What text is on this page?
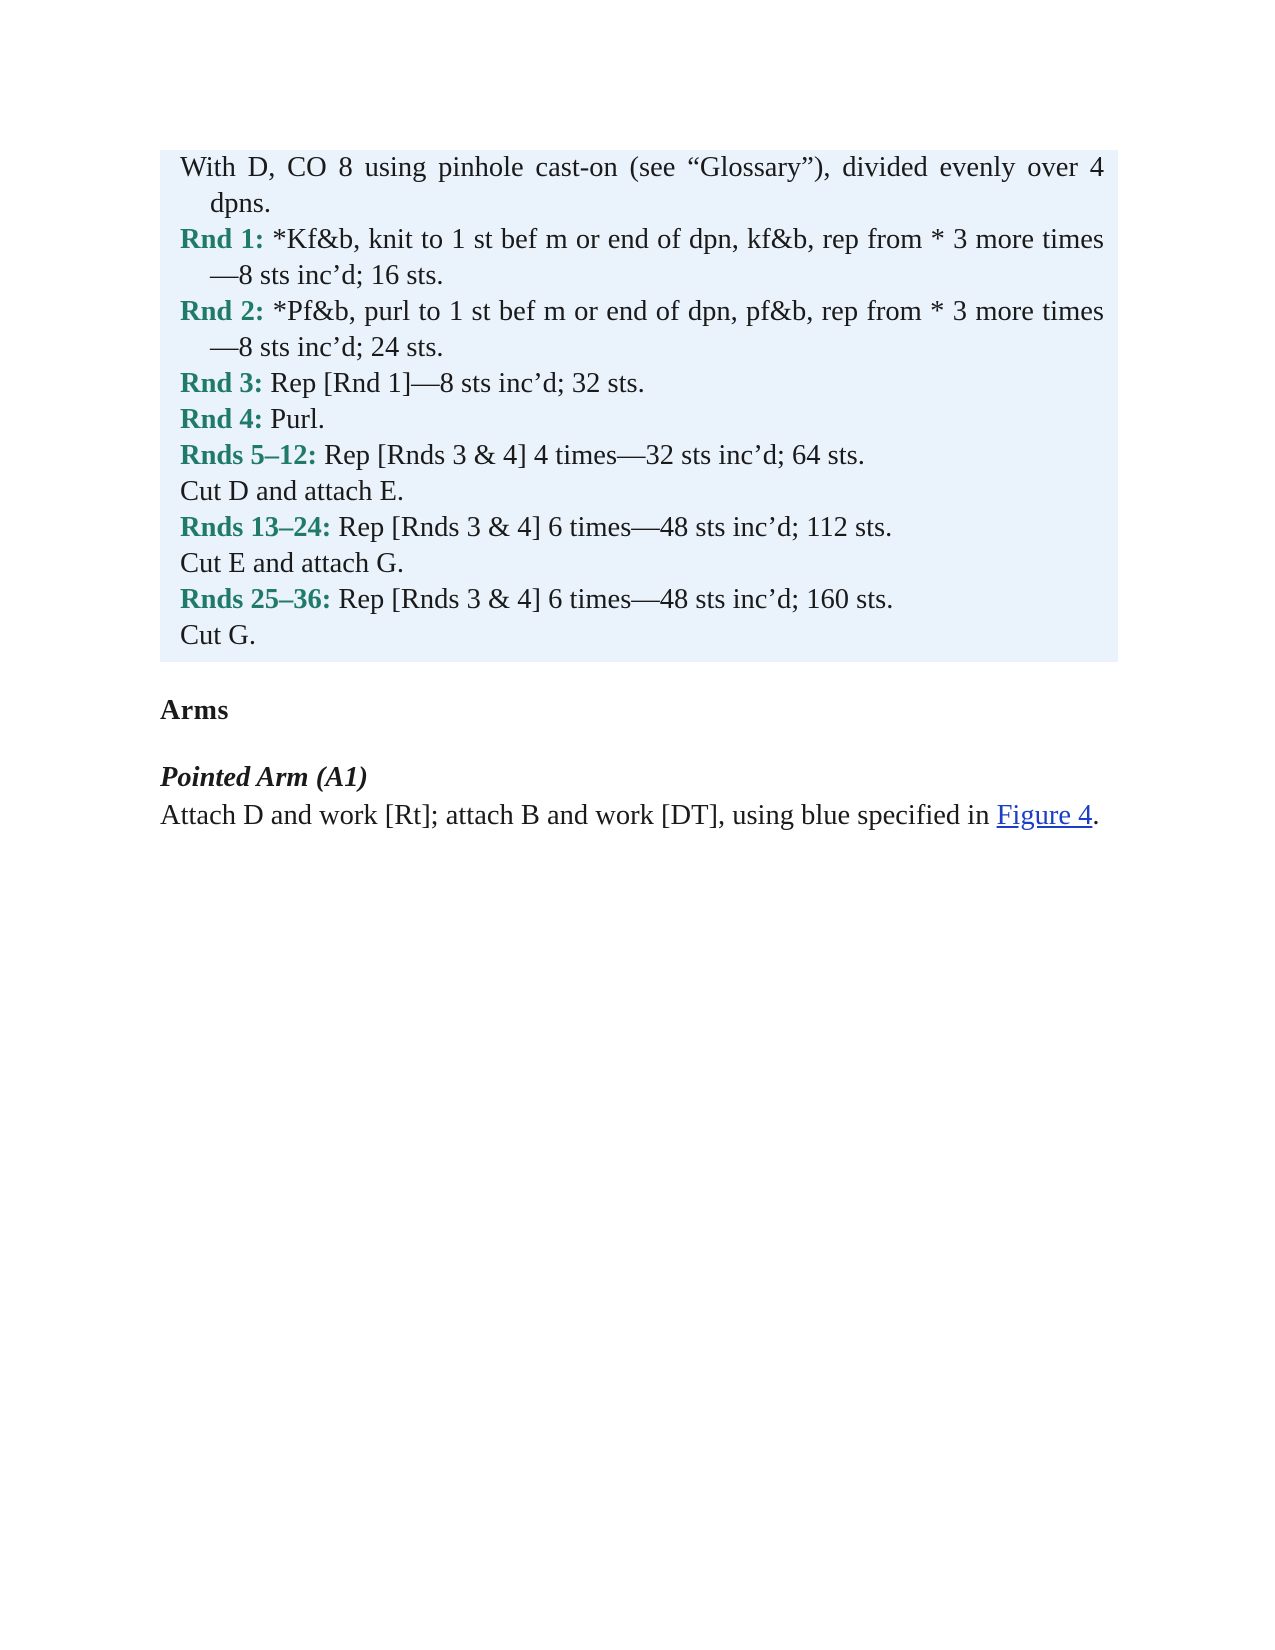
With D, CO 8 using pinhole cast-on (see “Glossary”), divided evenly over 4 dpns.

Rnd 1: *Kf&b, knit to 1 st bef m or end of dpn, kf&b, rep from * 3 more times—8 sts inc’d; 16 sts.

Rnd 2: *Pf&b, purl to 1 st bef m or end of dpn, pf&b, rep from * 3 more times—8 sts inc’d; 24 sts.

Rnd 3: Rep [Rnd 1]—8 sts inc’d; 32 sts.

Rnd 4: Purl.

Rnds 5–12: Rep [Rnds 3 & 4] 4 times—32 sts inc’d; 64 sts.

Cut D and attach E.

Rnds 13–24: Rep [Rnds 3 & 4] 6 times—48 sts inc’d; 112 sts.

Cut E and attach G.

Rnds 25–36: Rep [Rnds 3 & 4] 6 times—48 sts inc’d; 160 sts.

Cut G.

Arms
Pointed Arm (A1)

Attach D and work [Rt]; attach B and work [DT], using blue specified in Figure 4.
